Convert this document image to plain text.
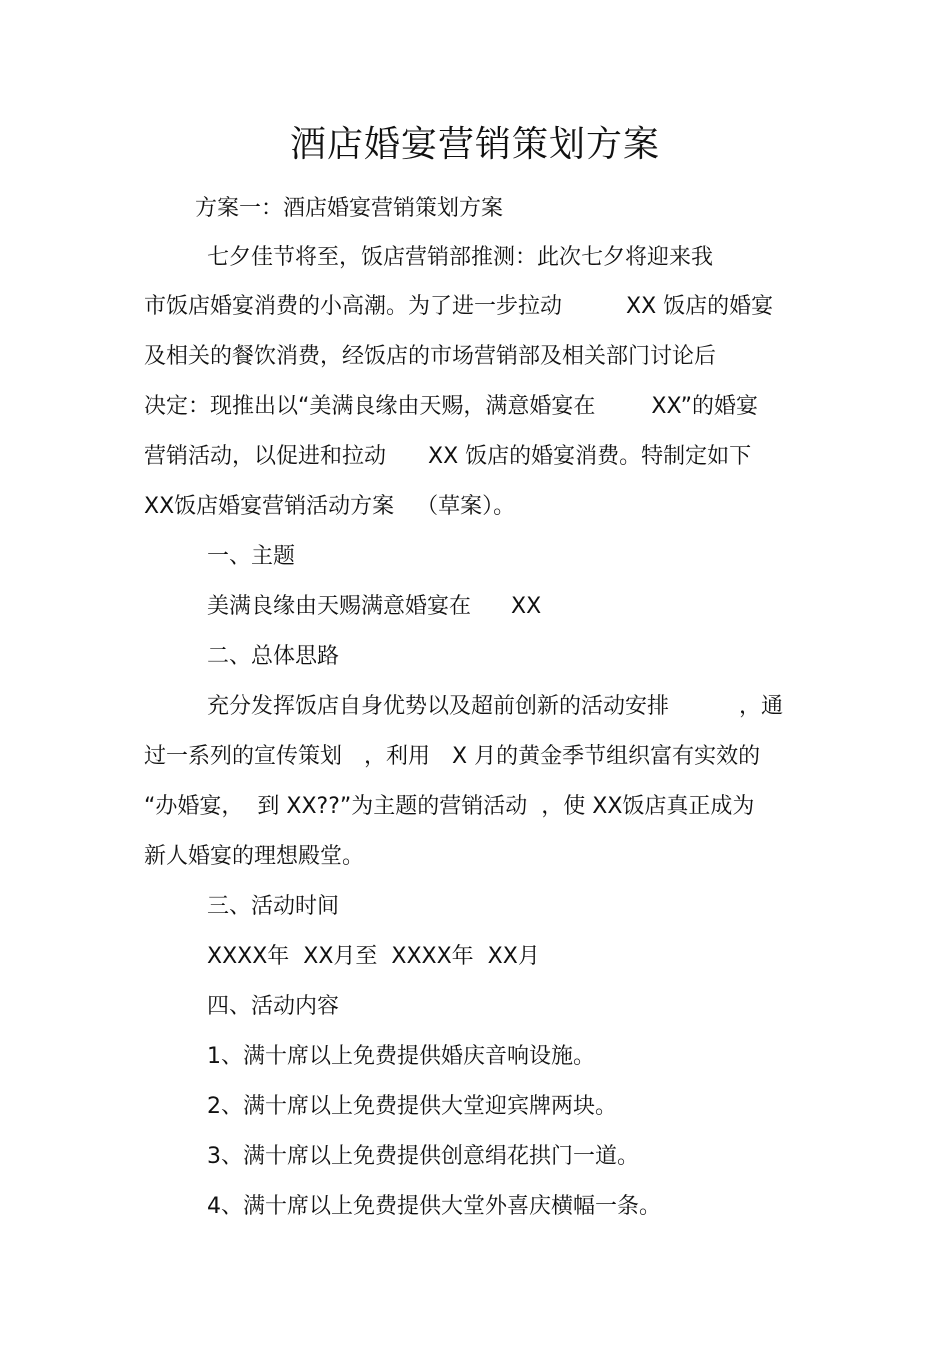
酒店婚宴营销策划方案
方案一：酒店婚宴营销策划方案
七夕佳节将至，饭店营销部推测：此次七夕将迎来我
市饭店婚宴消费的小高潮。为了进一步拉动	XX 饭店的婚宴
及相关的餐饮消费，经饭店的市场营销部及相关部门讨论后
决定：现推出以“美满良缘由天赐，满意婚宴在	XX”的婚宴
营销活动，以促进和拉动 XX 饭店的婚宴消费。特制定如下
XX饭店婚宴营销活动方案 （草案）。
一、主题
美满良缘由天赐满意婚宴在 XX
二、总体思路
充分发挥饭店自身优势以及超前创新的活动安排	，通
过一系列的宣传策划 ，利用 X 月的黄金季节组织富有实效的
“办婚宴， 到 XX??”为主题的营销活动 ，使 XX饭店真正成为
新人婚宴的理想殿堂。
三、活动时间
XXXX年  XX月至  XXXX年  XX月
四、活动内容
1、满十席以上免费提供婚庆音响设施。
2、满十席以上免费提供大堂迎宾牌两块。
3、满十席以上免费提供创意绢花拱门一道。
4、满十席以上免费提供大堂外喜庆横幅一条。
